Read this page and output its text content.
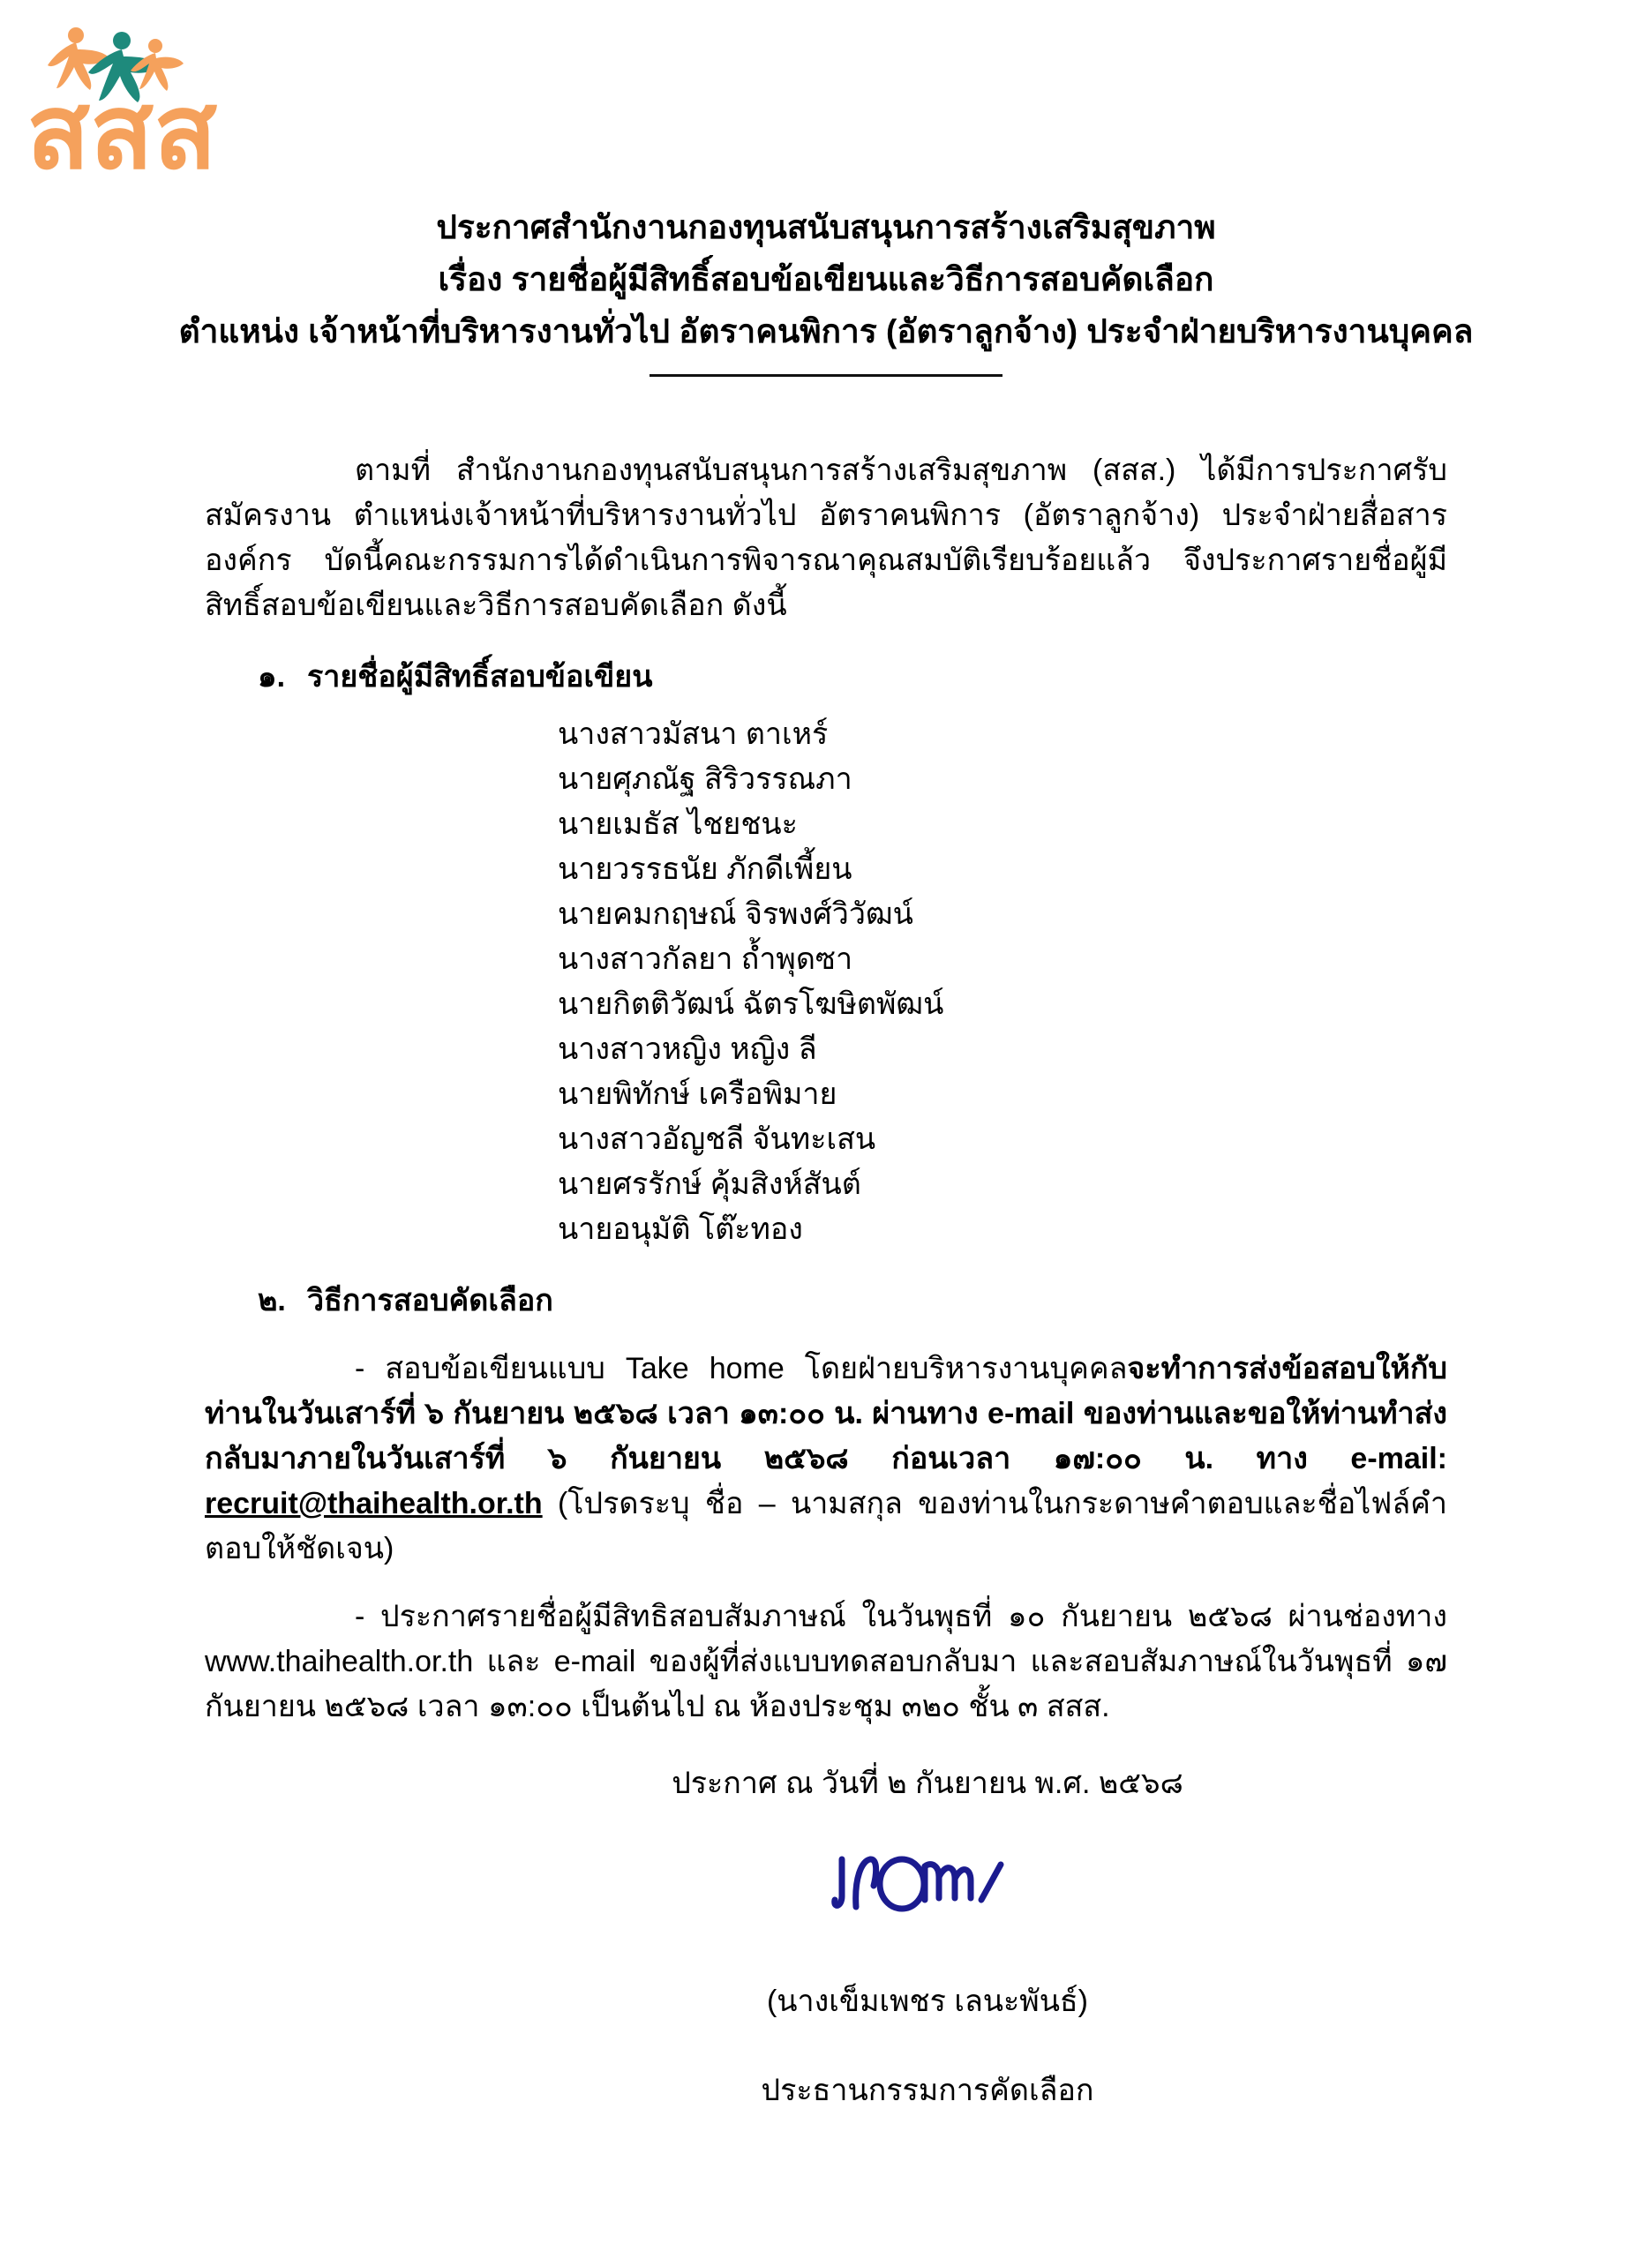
สสส
ประกาศสำนักงานกองทุนสนับสนุนการสร้างเสริมสุขภาพ
เรื่อง รายชื่อผู้มีสิทธิ์สอบข้อเขียนและวิธีการสอบคัดเลือก
ตำแหน่ง เจ้าหน้าที่บริหารงานทั่วไป อัตราคนพิการ (อัตราลูกจ้าง) ประจำฝ่ายบริหารงานบุคคล

ตามที่ สำนักงานกองทุนสนับสนุนการสร้างเสริมสุขภาพ (สสส.) ได้มีการประกาศรับสมัครงาน ตำแหน่งเจ้าหน้าที่บริหารงานทั่วไป อัตราคนพิการ (อัตราลูกจ้าง) ประจำฝ่ายสื่อสารองค์กร บัดนี้คณะกรรมการได้ดำเนินการพิจารณาคุณสมบัติเรียบร้อยแล้ว จึงประกาศรายชื่อผู้มีสิทธิ์สอบข้อเขียนและวิธีการสอบคัดเลือก ดังนี้

๑. รายชื่อผู้มีสิทธิ์สอบข้อเขียน
นางสาวมัสนา ตาเหร์
นายศุภณัฐ สิริวรรณภา
นายเมธัส ไชยชนะ
นายวรรธนัย ภักดีเพี้ยน
นายคมกฤษณ์ จิรพงศ์วิวัฒน์
นางสาวกัลยา ถ้ำพุดซา
นายกิตติวัฒน์ ฉัตรโฆษิตพัฒน์
นางสาวหญิง หญิง ลี
นายพิทักษ์ เครือพิมาย
นางสาวอัญชลี จันทะเสน
นายศรรักษ์ คุ้มสิงห์สันต์
นายอนุมัติ โต๊ะทอง
๒. วิธีการสอบคัดเลือก

- สอบข้อเขียนแบบ Take home โดยฝ่ายบริหารงานบุคคลจะทำการส่งข้อสอบให้กับท่านในวันเสาร์ที่ ๖ กันยายน ๒๕๖๘ เวลา ๑๓:๐๐ น. ผ่านทาง e-mail ของท่านและขอให้ท่านทำส่งกลับมาภายในวันเสาร์ที่ ๖ กันยายน ๒๕๖๘ ก่อนเวลา ๑๗:๐๐ น. ทาง e-mail: recruit@thaihealth.or.th (โปรดระบุ ชื่อ – นามสกุล ของท่านในกระดาษคำตอบและชื่อไฟล์คำตอบให้ชัดเจน)

- ประกาศรายชื่อผู้มีสิทธิสอบสัมภาษณ์ ในวันพุธที่ ๑๐ กันยายน ๒๕๖๘ ผ่านช่องทาง www.thaihealth.or.th และ e-mail ของผู้ที่ส่งแบบทดสอบกลับมา และสอบสัมภาษณ์ในวันพุธที่ ๑๗ กันยายน ๒๕๖๘ เวลา ๑๓:๐๐ เป็นต้นไป ณ ห้องประชุม ๓๒๐ ชั้น ๓ สสส.

ประกาศ ณ วันที่ ๒ กันยายน พ.ศ. ๒๕๖๘
(นางเข็มเพชร เลนะพันธ์)
ประธานกรรมการคัดเลือก
